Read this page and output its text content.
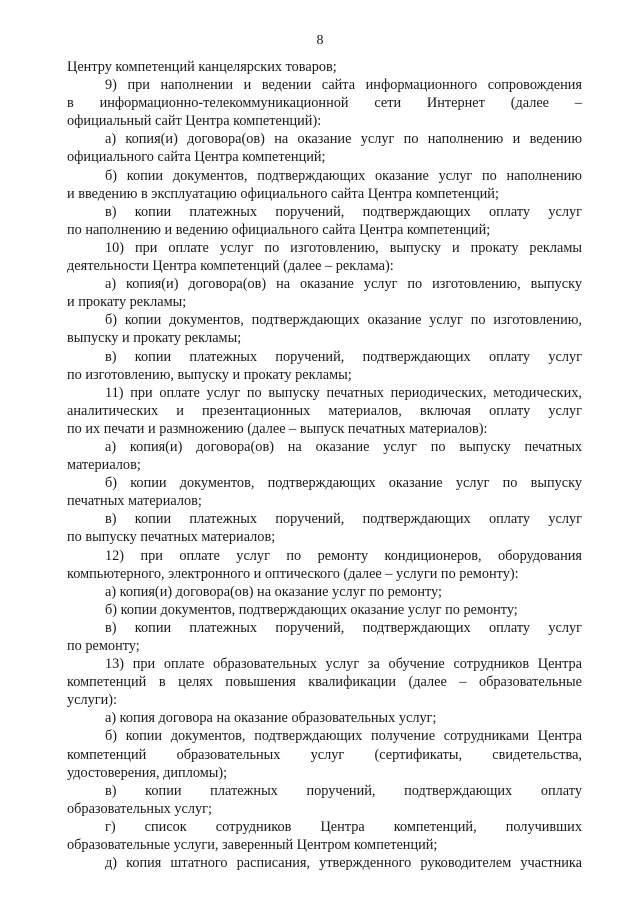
8
Центру компетенций канцелярских товаров;
9) при наполнении и ведении сайта информационного сопровождения
в информационно-телекоммуникационной сети Интернет (далее –
официальный сайт Центра компетенций):
а) копия(и) договора(ов) на оказание услуг по наполнению и ведению
официального сайта Центра компетенций;
б) копии документов, подтверждающих оказание услуг по наполнению
и введению в эксплуатацию официального сайта Центра компетенций;
в) копии платежных поручений, подтверждающих оплату услуг
по наполнению и ведению официального сайта Центра компетенций;
10) при оплате услуг по изготовлению, выпуску и прокату рекламы
деятельности Центра компетенций (далее – реклама):
а) копия(и) договора(ов) на оказание услуг по изготовлению, выпуску
и прокату рекламы;
б) копии документов, подтверждающих оказание услуг по изготовлению,
выпуску и прокату рекламы;
в) копии платежных поручений, подтверждающих оплату услуг
по изготовлению, выпуску и прокату рекламы;
11) при оплате услуг по выпуску печатных периодических, методических,
аналитических и презентационных материалов, включая оплату услуг
по их печати и размножению (далее – выпуск печатных материалов):
а) копия(и) договора(ов) на оказание услуг по выпуску печатных
материалов;
б) копии документов, подтверждающих оказание услуг по выпуску
печатных материалов;
в) копии платежных поручений, подтверждающих оплату услуг
по выпуску печатных материалов;
12) при оплате услуг по ремонту кондиционеров, оборудования
компьютерного, электронного и оптического (далее – услуги по ремонту):
а) копия(и) договора(ов) на оказание услуг по ремонту;
б) копии документов, подтверждающих оказание услуг по ремонту;
в) копии платежных поручений, подтверждающих оплату услуг
по ремонту;
13) при оплате образовательных услуг за обучение сотрудников Центра
компетенций в целях повышения квалификации (далее – образовательные
услуги):
а) копия договора на оказание образовательных услуг;
б) копии документов, подтверждающих получение сотрудниками Центра
компетенций образовательных услуг (сертификаты, свидетельства,
удостоверения, дипломы);
в) копии платежных поручений, подтверждающих оплату
образовательных услуг;
г) список сотрудников Центра компетенций, получивших
образовательные услуги, заверенный Центром компетенций;
д) копия штатного расписания, утвержденного руководителем участника
